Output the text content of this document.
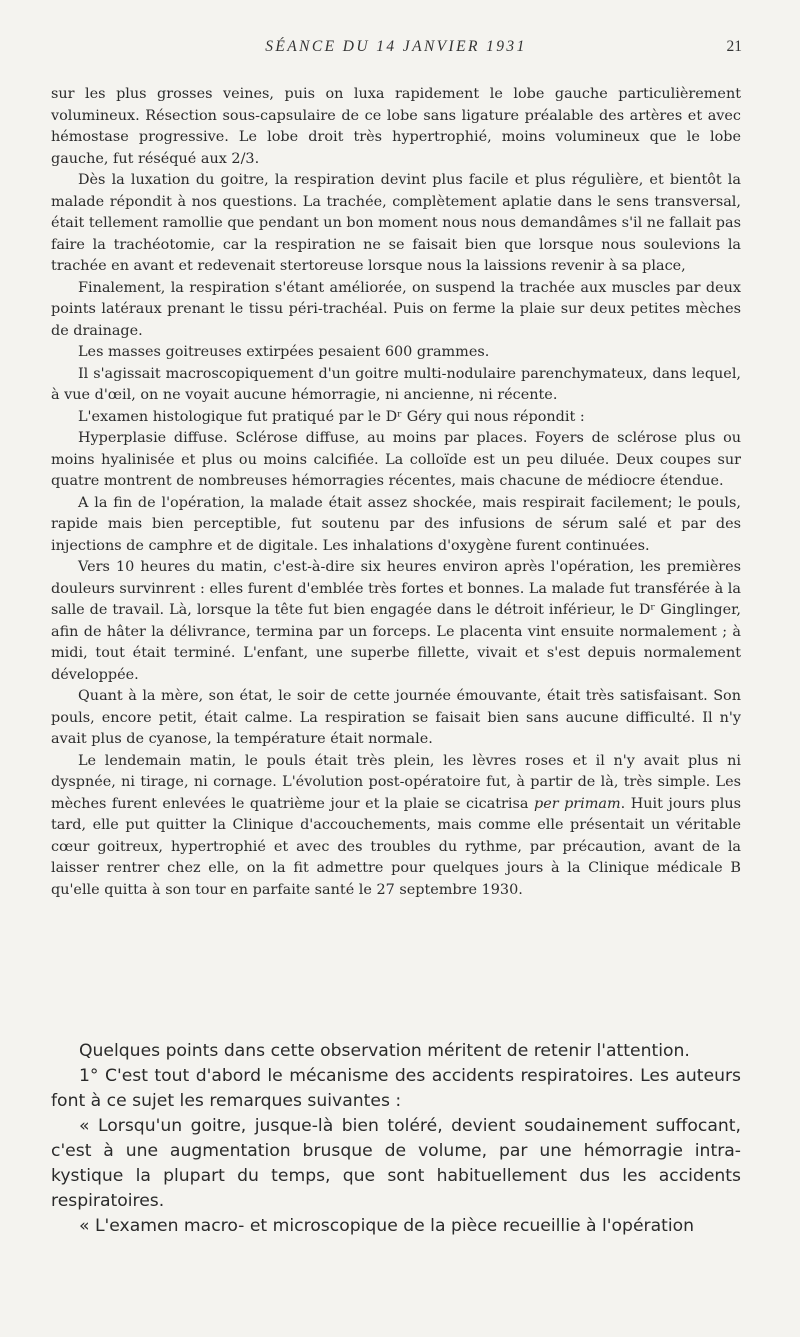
SÉANCE DU 14 JANVIER 1931	21

sur les plus grosses veines, puis on luxa rapidement le lobe gauche particulièrement volumineux. Résection sous-capsulaire de ce lobe sans ligature préalable des artères et avec hémostase progressive. Le lobe droit très hypertrophié, moins volumineux que le lobe gauche, fut réséqué aux 2/3.

Dès la luxation du goitre, la respiration devint plus facile et plus régulière, et bientôt la malade répondit à nos questions. La trachée, complètement aplatie dans le sens transversal, était tellement ramollie que pendant un bon moment nous nous demandâmes s'il ne fallait pas faire la trachéotomie, car la respiration ne se faisait bien que lorsque nous soulevions la trachée en avant et redevenait stertoreuse lorsque nous la laissions revenir à sa place,

Finalement, la respiration s'étant améliorée, on suspend la trachée aux muscles par deux points latéraux prenant le tissu péri-trachéal. Puis on ferme la plaie sur deux petites mèches de drainage.

Les masses goitreuses extirpées pesaient 600 grammes.

Il s'agissait macroscopiquement d'un goitre multi-nodulaire parenchymateux, dans lequel, à vue d'œil, on ne voyait aucune hémorragie, ni ancienne, ni récente.

L'examen histologique fut pratiqué par le Dʳ Géry qui nous répondit :

Hyperplasie diffuse. Sclérose diffuse, au moins par places. Foyers de sclérose plus ou moins hyalinisée et plus ou moins calcifiée. La colloïde est un peu diluée. Deux coupes sur quatre montrent de nombreuses hémorragies récentes, mais chacune de médiocre étendue.

A la fin de l'opération, la malade était assez shockée, mais respirait facilement; le pouls, rapide mais bien perceptible, fut soutenu par des infusions de sérum salé et par des injections de camphre et de digitale. Les inhalations d'oxygène furent continuées.

Vers 10 heures du matin, c'est-à-dire six heures environ après l'opération, les premières douleurs survinrent : elles furent d'emblée très fortes et bonnes. La malade fut transférée à la salle de travail. Là, lorsque la tête fut bien engagée dans le détroit inférieur, le Dʳ Ginglinger, afin de hâter la délivrance, termina par un forceps. Le placenta vint ensuite normalement ; à midi, tout était terminé. L'enfant, une superbe fillette, vivait et s'est depuis normalement développée.

Quant à la mère, son état, le soir de cette journée émouvante, était très satisfaisant. Son pouls, encore petit, était calme. La respiration se faisait bien sans aucune difficulté. Il n'y avait plus de cyanose, la température était normale.

Le lendemain matin, le pouls était très plein, les lèvres roses et il n'y avait plus ni dyspnée, ni tirage, ni cornage. L'évolution post-opératoire fut, à partir de là, très simple. Les mèches furent enlevées le quatrième jour et la plaie se cicatrisa per primam. Huit jours plus tard, elle put quitter la Clinique d'accouchements, mais comme elle présentait un véritable cœur goitreux, hypertrophié et avec des troubles du rythme, par précaution, avant de la laisser rentrer chez elle, on la fit admettre pour quelques jours à la Clinique médicale B qu'elle quitta à son tour en parfaite santé le 27 septembre 1930.

Quelques points dans cette observation méritent de retenir l'attention.

1° C'est tout d'abord le mécanisme des accidents respiratoires. Les auteurs font à ce sujet les remarques suivantes :

« Lorsqu'un goitre, jusque-là bien toléré, devient soudainement suffocant, c'est à une augmentation brusque de volume, par une hémorragie intra-kystique la plupart du temps, que sont habituellement dus les accidents respiratoires.

« L'examen macro- et microscopique de la pièce recueillie à l'opération
